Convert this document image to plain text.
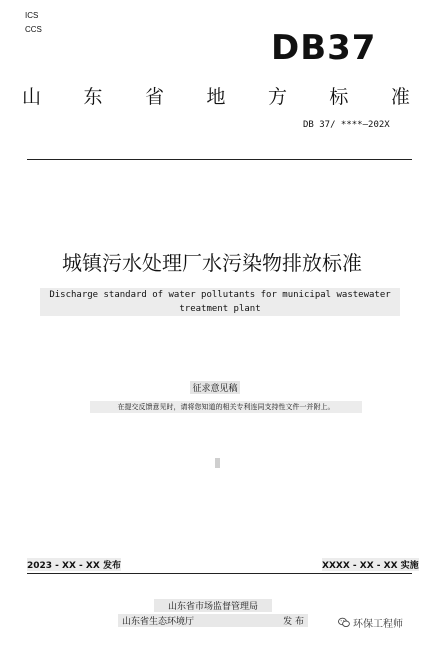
ICS
CCS	DB37
山 东 省 地 方 标 准
DB 37/ ****—202X
城镇污水处理厂水污染物排放标准
Discharge standard of water pollutants for municipal wastewater
treatment plant
征求意见稿
在提交反馈意见时，请将您知道的相关专利连同支持性文件一并附上。
2023 - XX - XX 发布	XXXX - XX - XX 实施
山东省市场监督管理局
山东省生态环境厅	发 布	环保工程师
